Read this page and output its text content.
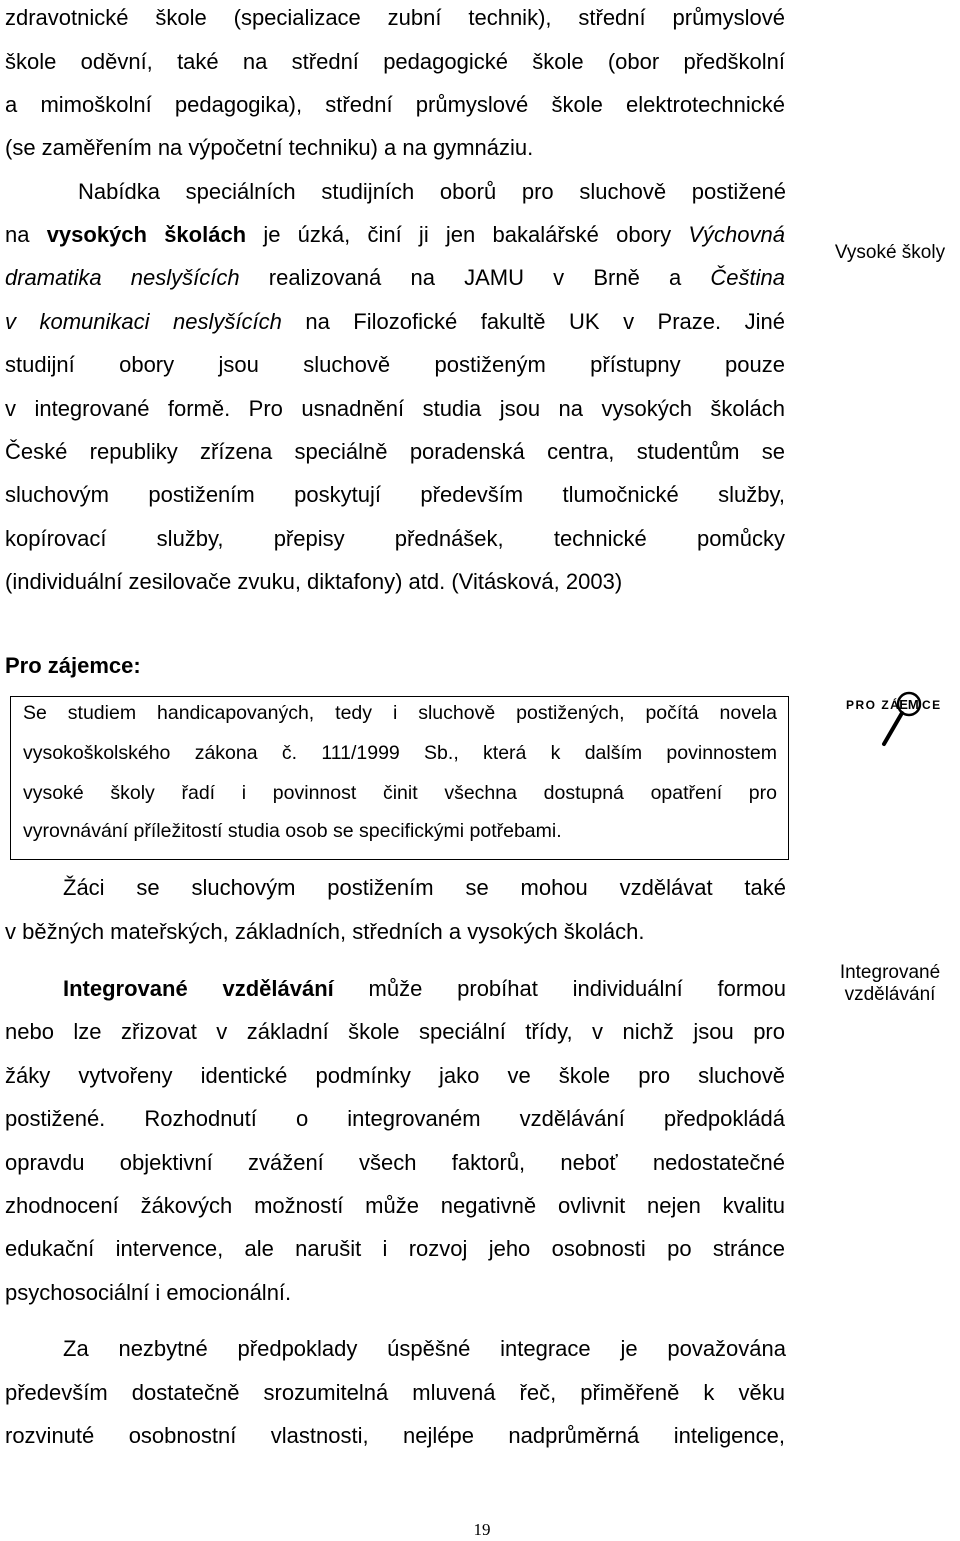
zdravotnické škole (specializace zubní technik), střední průmyslové

škole oděvní, také na střední pedagogické škole (obor předškolní

a mimoškolní pedagogika), střední průmyslové škole elektrotechnické

(se zaměřením na výpočetní techniku) a na gymnáziu.

Nabídka speciálních studijních oborů pro sluchově postižené

na vysokých školách je úzká, činí ji jen bakalářské obory Výchovná

dramatika neslyšících realizovaná na JAMU v Brně a Čeština

v komunikaci neslyšících na Filozofické fakultě UK v Praze. Jiné

studijní obory jsou sluchově postiženým přístupny pouze

v integrované formě. Pro usnadnění studia jsou na vysokých školách

České republiky zřízena speciálně poradenská centra, studentům se

sluchovým postižením poskytují především tlumočnické služby,

kopírovací služby, přepisy přednášek, technické pomůcky

(individuální zesilovače zvuku, diktafony) atd. (Vitásková, 2003)

Vysoké školy

Pro zájemce:

Se studiem handicapovaných, tedy i sluchově postižených, počítá novela

vysokoškolského zákona č. 111/1999 Sb., která k dalším povinnostem

vysoké školy řadí i povinnost činit všechna dostupná opatření pro

vyrovnávání příležitostí studia osob se specifickými potřebami.

PRO ZÁ
EM CE

Žáci se sluchovým postižením se mohou vzdělávat také

v běžných mateřských, základních, středních a vysokých školách.

Integrované vzdělávání může probíhat individuální formou

nebo lze zřizovat v základní škole speciální třídy, v nichž jsou pro

žáky vytvořeny identické podmínky jako ve škole pro sluchově

postižené. Rozhodnutí o integrovaném vzdělávání předpokládá

opravdu objektivní zvážení všech faktorů, neboť nedostatečné

zhodnocení žákových možností může negativně ovlivnit nejen kvalitu

edukační intervence, ale narušit i rozvoj jeho osobnosti po stránce

psychosociální i emocionální.

Integrované vzdělávání

Za nezbytné předpoklady úspěšné integrace je považována

především dostatečně srozumitelná mluvená řeč, přiměřeně k věku

rozvinuté osobnostní vlastnosti, nejlépe nadprůměrná inteligence,

19
